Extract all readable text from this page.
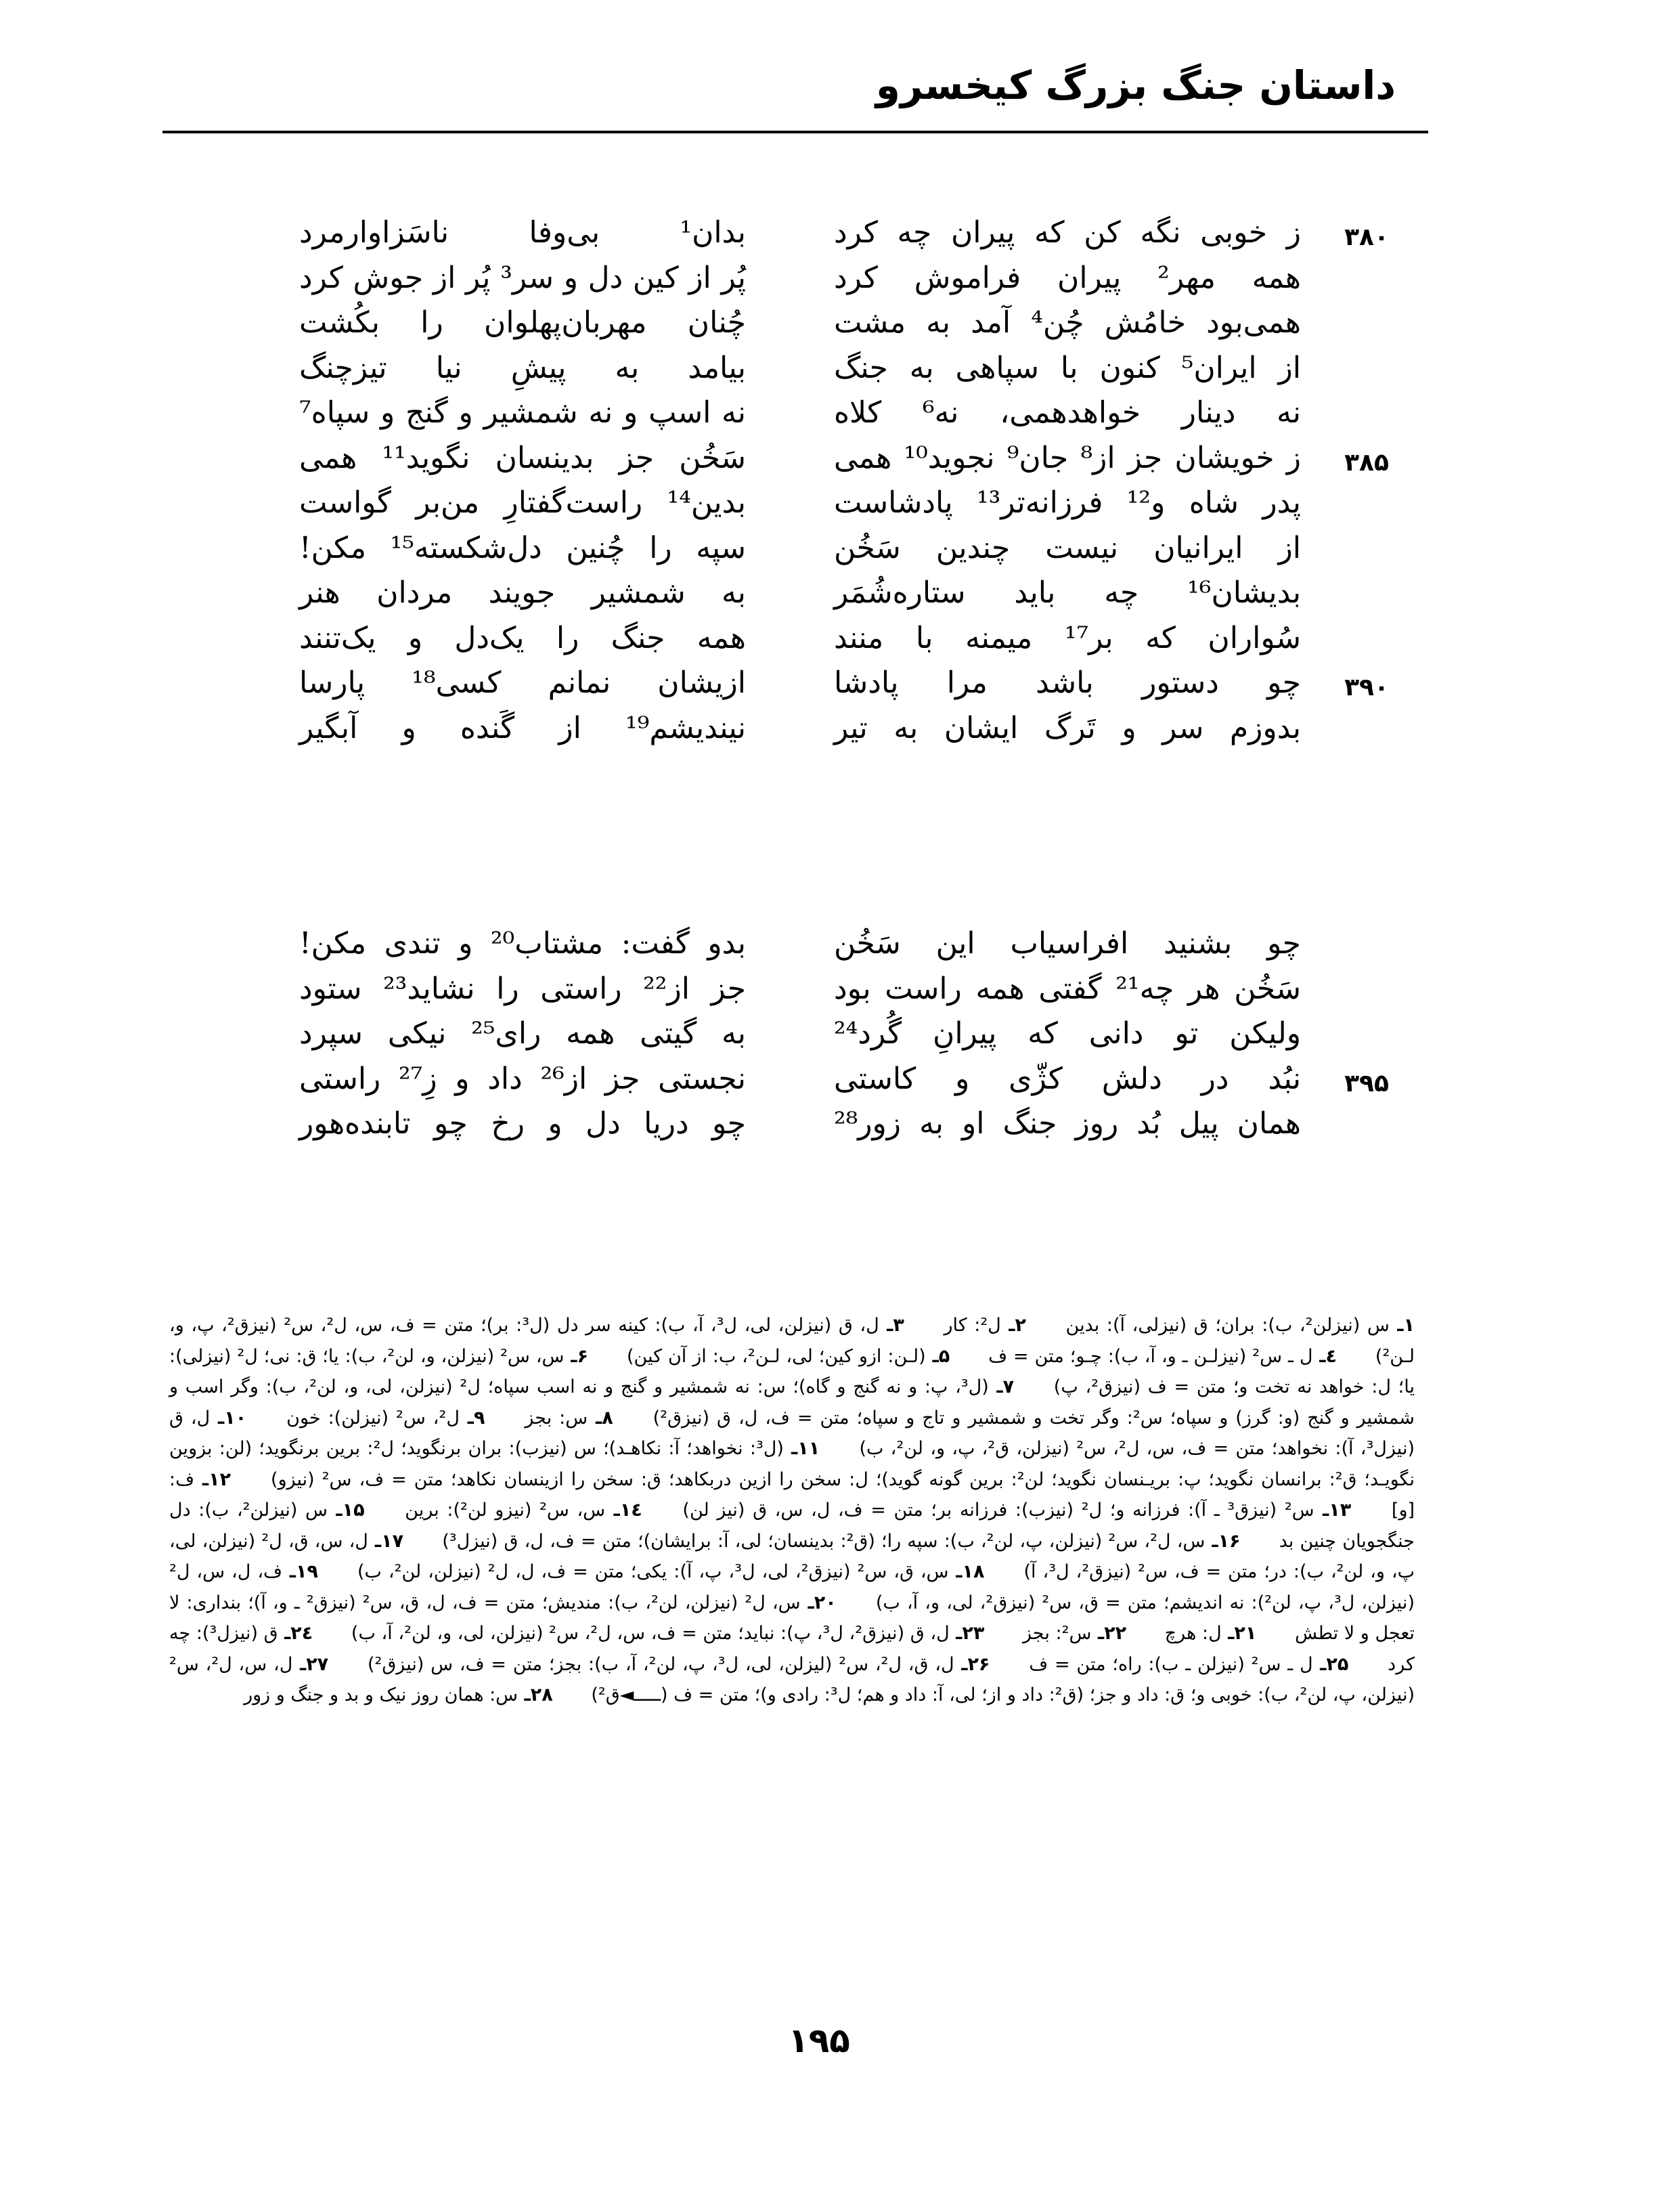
داستان جنگ بزرگ کیخسرو
۳۸۰
ز خوبی نگه کن که پیران چه کرد
بدان¹ بی‌وفا ناسَزاوارمرد
همه مهر² پیران فراموش کرد
پُر از کین دل و سر³ پُر از جوش کرد
همی‌بود خامُش چُن⁴ آمد به مشت
چُنان مهربان‌پهلوان را بکُشت
از ایران⁵ کنون با سپاهی به جنگ
بیامد به پیشِ نیا تیزچنگ
نه دینار خواهدهمی، نه⁶ کلاه
نه اسپ و نه شمشیر و گنج و سپاه⁷
۳۸۵
ز خویشان جز از⁸ جان⁹ نجوید¹⁰ همی
سَخُن جز بدینسان نگوید¹¹ همی
پدر شاه و¹² فرزانه‌تر¹³ پادشاست
بدین¹⁴ راست‌گفتارِ من‌بر گواست
از ایرانیان نیست چندین سَخُن
سپه را چُنین دل‌شکسته¹⁵ مکن!
بدیشان¹⁶ چه باید ستاره‌شُمَر
به شمشیر جویند مردان هنر
سُواران که بر¹⁷ میمنه با منند
همه جنگ را یک‌دل و یک‌تنند
۳۹۰
چو دستور باشد مرا پادشا
ازیشان نمانم کسی¹⁸ پارسا
بدوزم سر و تَرگ ایشان به تیر
نیندیشم¹⁹ از گَنده و آبگیر
چو بشنید افراسیاب این سَخُن
بدو گفت: مشتاب²⁰ و تندی مکن!
سَخُن هر چه²¹ گفتی همه راست بود
جز از²² راستی را نشاید²³ ستود
ولیکن تو دانی که پیرانِ گُرد²⁴
به گیتی همه رای²⁵ نیکی سپرد
۳۹۵
نبُد در دلش کژّی و کاستی
نجستی جز از²⁶ داد و زِ²⁷ راستی
همان پیل بُد روز جنگ او به زور²⁸
چو دریا دل و رخ چو تابنده‌هور
۱ـ س (نیزلن²، ب): بران؛ ق (نیزلی، آ): بدین ۲ـ ل²: کار ۳ـ ل، ق (نیزلن، لی، ل³، آ، ب): کینه سر دل (ل³: بر)؛ متن = ف، س، ل²، س² (نیزق²، پ، و، لـن²) ٤ـ ل ـ س² (نیزلـن ـ و، آ، ب): چـو؛ متن = ف ۵ـ (لـن: ازو کین؛ لی، لـن²، ب: از آن کین) ۶ـ س، س² (نیزلن، و، لن²، ب): یا؛ ق: نی؛ ل² (نیزلی): یا؛ ل: خواهد نه تخت و؛ متن = ف (نیزق²، پ) ۷ـ (ل³، پ: و نه گنج و گاه)؛ س: نه شمشیر و گنج و نه اسب سپاه؛ ل² (نیزلن، لی، و، لن²، ب): وگر اسب و شمشیر و گنج (و: گرز) و سپاه؛ س²: وگر تخت و شمشیر و تاج و سپاه؛ متن = ف، ل، ق (نیزق²) ۸ـ س: بجز ۹ـ ل²، س² (نیزلن): خون ۱۰ـ ل، ق (نیزل³، آ): نخواهد؛ متن = ف، س، ل²، س² (نیزلن، ق²، پ، و، لن²، ب) ۱۱ـ (ل³: نخواهد؛ آ: نکاهـد)؛ س (نیزب): بران برنگوید؛ ل²: برین برنگوید؛ (لن: بزوین نگویـد؛ ق²: برانسان نگوید؛ پ: بریـنسان نگوید؛ لن²: برین گونه گوید)؛ ل: سخن را ازین دربکاهد؛ ق: سخن را ازینسان نکاهد؛ متن = ف، س² (نیزو) ۱۲ـ ف: [و] ۱۳ـ س² (نیزق³ ـ آ): فرزانه و؛ ل² (نیزب): فرزانه بر؛ متن = ف، ل، س، ق (نیز لن) ۱٤ـ س، س² (نیزو لن²): برین ۱۵ـ س (نیزلن²، ب): دل جنگجویان چنین بد ۱۶ـ س، ل²، س² (نیزلن، پ، لن²، ب): سپه را؛ (ق²: بدینسان؛ لی، آ: برایشان)؛ متن = ف، ل، ق (نیزل³) ۱۷ـ ل، س، ق، ل² (نیزلن، لی، پ، و، لن²، ب): در؛ متن = ف، س² (نیزق²، ل³، آ) ۱۸ـ س، ق، س² (نیزق²، لی، ل³، پ، آ): یکی؛ متن = ف، ل، ل² (نیزلن، لن²، ب) ۱۹ـ ف، ل، س، ل² (نیزلن، ل³، پ، لن²): نه اندیشم؛ متن = ق، س² (نیزق²، لی، و، آ، ب) ۲۰ـ س، ل² (نیزلن، لن²، ب): مندیش؛ متن = ف، ل، ق، س² (نیزق² ـ و، آ)؛ بنداری: لا تعجل و لا تطش ۲۱ـ ل: هرچ ۲۲ـ س²: بجز ۲۳ـ ل، ق (نیزق²، ل³، پ): نباید؛ متن = ف، س، ل²، س² (نیزلن، لی، و، لن²، آ، ب) ۲٤ـ ق (نیزل³): چه کرد ۲۵ـ ل ـ س² (نیزلن ـ ب): راه؛ متن = ف ۲۶ـ ل، ق، ل²، س² (لیزلن، لی، ل³، پ، لن²، آ، ب): بجز؛ متن = ف، س (نیزق²) ۲۷ـ ل، س، ل²، س² (نیزلن، پ، لن²، ب): خوبی و؛ ق: داد و جز؛ (ق²: داد و از؛ لی، آ: داد و هم؛ ل³: رادی و)؛ متن = ف (ـــــ◄ق²) ۲۸ـ س: همان روز نیک و بد و جنگ و زور
۱۹۵
